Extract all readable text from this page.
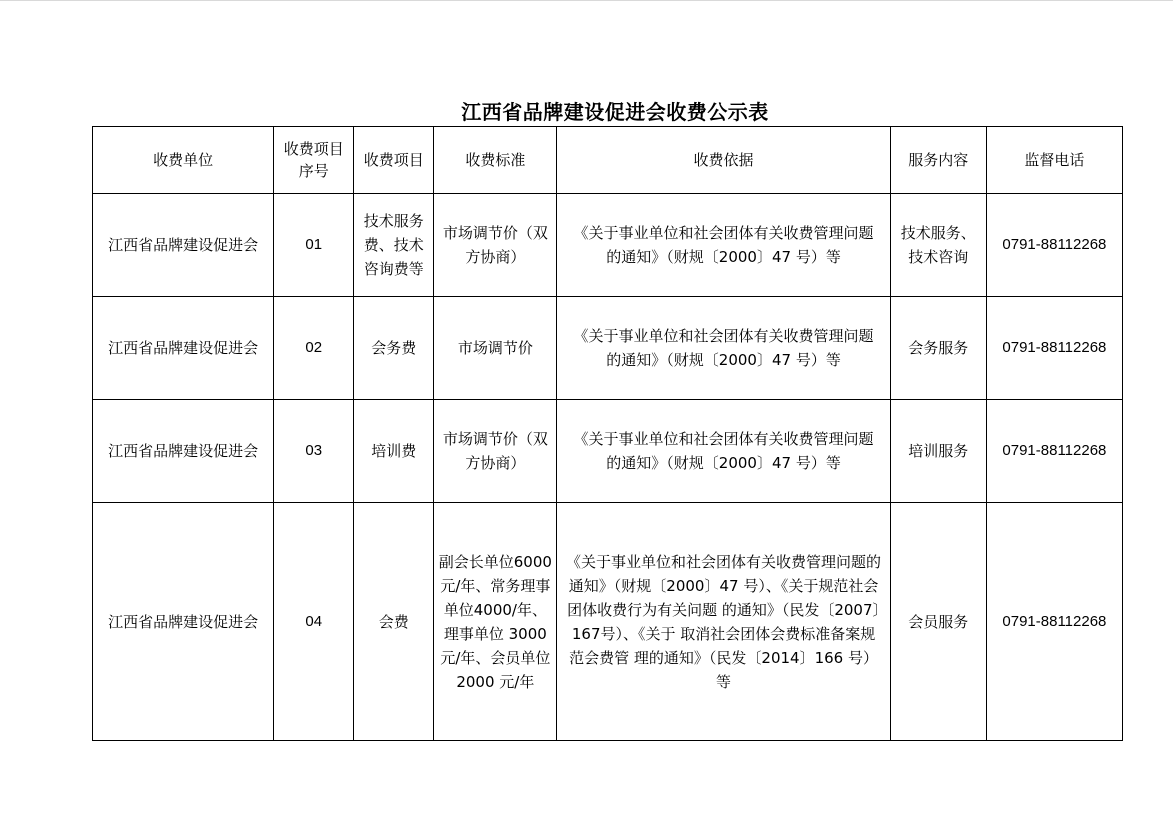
江西省品牌建设促进会收费公示表
收费单位	收费项目序号	收费项目	收费标准	收费依据	服务内容	监督电话
江西省品牌建设促进会	01	技术服务费、技术咨询费等	市场调节价（双方协商）	《关于事业单位和社会团体有关收费管理问题的通知》（财规〔2000〕47 号）等	技术服务、技术咨询	0791-88112268
江西省品牌建设促进会	02	会务费	市场调节价	《关于事业单位和社会团体有关收费管理问题的通知》（财规〔2000〕47 号）等	会务服务	0791-88112268
江西省品牌建设促进会	03	培训费	市场调节价（双方协商）	《关于事业单位和社会团体有关收费管理问题的通知》（财规〔2000〕47 号）等	培训服务	0791-88112268
江西省品牌建设促进会	04	会费	副会长单位6000元/年、常务理事单位4000/年、理事单位 3000 元/年、会员单位2000 元/年	《关于事业单位和社会团体有关收费管理问题的通知》（财规〔2000〕47 号）、《关于规范社会团体收费行为有关问题 的通知》（民发〔2007〕167号）、《关于 取消社会团体会费标准备案规范会费管 理的通知》（民发〔2014〕166 号）等	会员服务	0791-88112268
